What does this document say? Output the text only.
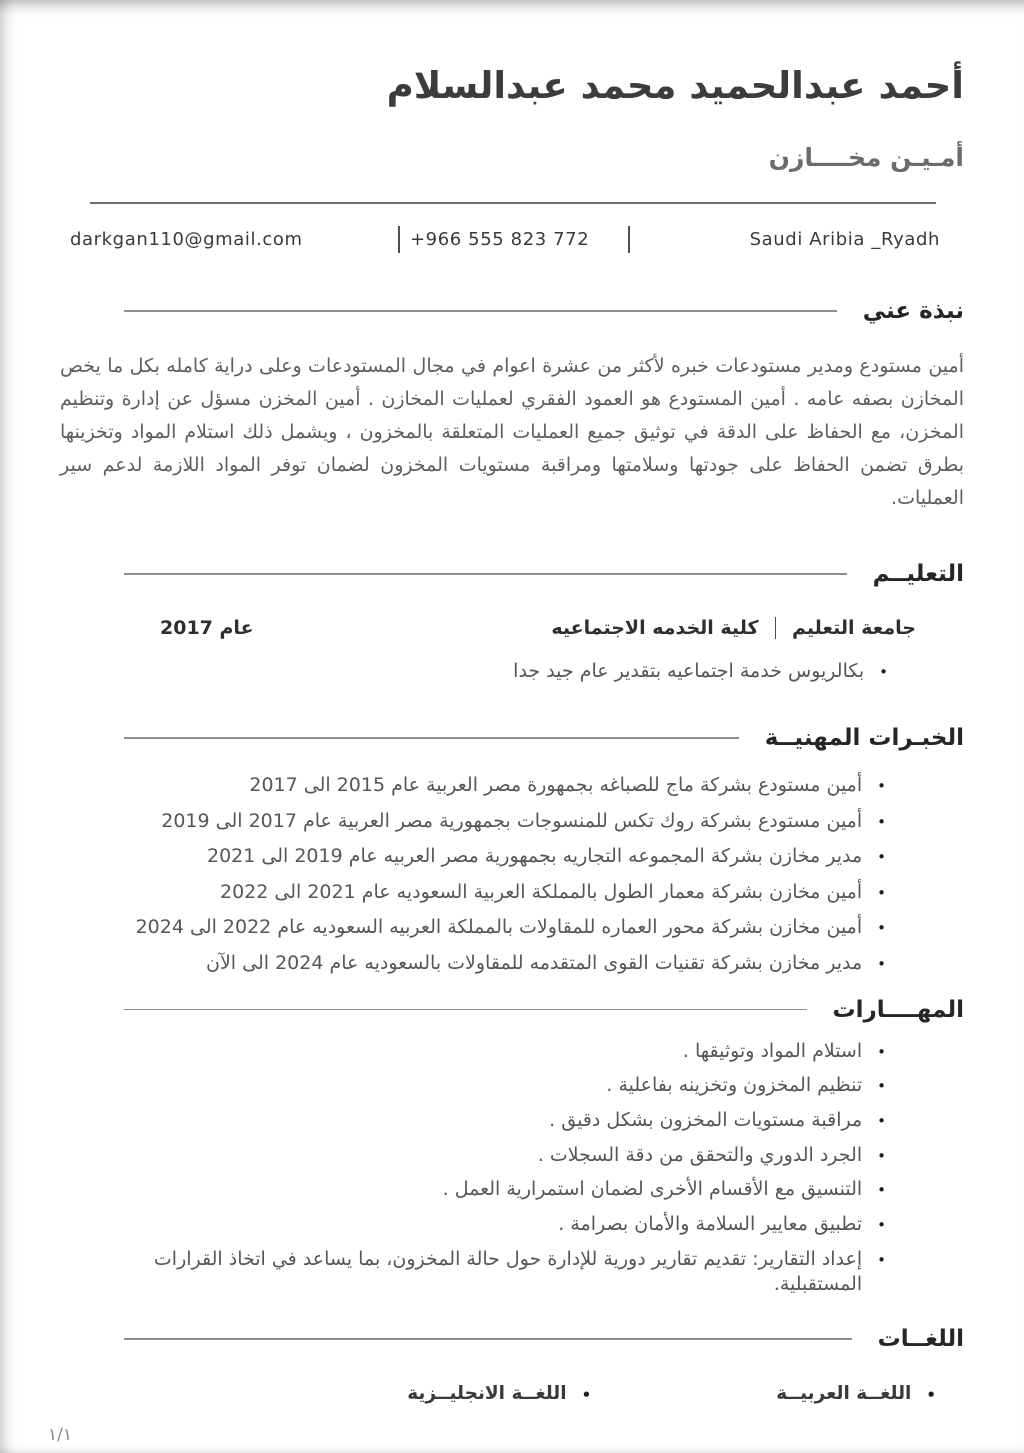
أحمد عبدالحميد محمد عبدالسلام
أمـيـن مخــــازن
darkgan110@gmail.com	+966 555 823 772	Saudi Aribia _Ryadh
نبذة عني
أمين مستودع ومدير مستودعات خبره لأكثر من عشرة اعوام في مجال المستودعات وعلى دراية كامله بكل ما يخص المخازن بصفه عامه . أمين المستودع هو العمود الفقري لعمليات المخازن . أمين المخزن مسؤل عن إدارة وتنظيم المخزن، مع الحفاظ على الدقة في توثيق جميع العمليات المتعلقة بالمخزون ، ويشمل ذلك استلام المواد وتخزينها بطرق تضمن الحفاظ على جودتها وسلامتها ومراقبة مستويات المخزون لضمان توفر المواد اللازمة لدعم سير العمليات.
التعليــم
جامعة التعليم
كلية الخدمه الاجتماعيه
عام 2017
•
بكالريوس خدمة اجتماعيه بتقدير عام جيد جدا
الخبـرات المهنيــة
•
أمين مستودع بشركة ماج للصباغه بجمهورة مصر العربية عام 2015 الى 2017
•
أمين مستودع بشركة روك تكس للمنسوجات بجمهورية مصر العربية عام 2017 الى 2019
•
مدير مخازن بشركة المجموعه التجاريه بجمهورية مصر العربيه عام 2019 الى 2021
•
أمين مخازن بشركة معمار الطول بالمملكة العربية السعوديه عام 2021 الى 2022
•
أمين مخازن بشركة محور العماره للمقاولات بالمملكة العربيه السعوديه عام 2022 الى 2024
•
مدير مخازن بشركة تقنيات القوى المتقدمه للمقاولات بالسعوديه عام 2024 الى الآن
المهــــارات
•
استلام المواد وتوثيقها .
•
تنظيم المخزون وتخزينه بفاعلية .
•
مراقبة مستويات المخزون بشكل دقيق .
•
الجرد الدوري والتحقق من دقة السجلات .
•
التنسيق مع الأقسام الأخرى لضمان استمرارية العمل .
•
تطبيق معايير السلامة والأمان بصرامة .
•
إعداد التقارير: تقديم تقارير دورية للإدارة حول حالة المخزون، بما يساعد في اتخاذ القرارات المستقبلية.
اللغــات
•
اللغــة العربيــة
•
اللغــة الانجليــزية
١/١
